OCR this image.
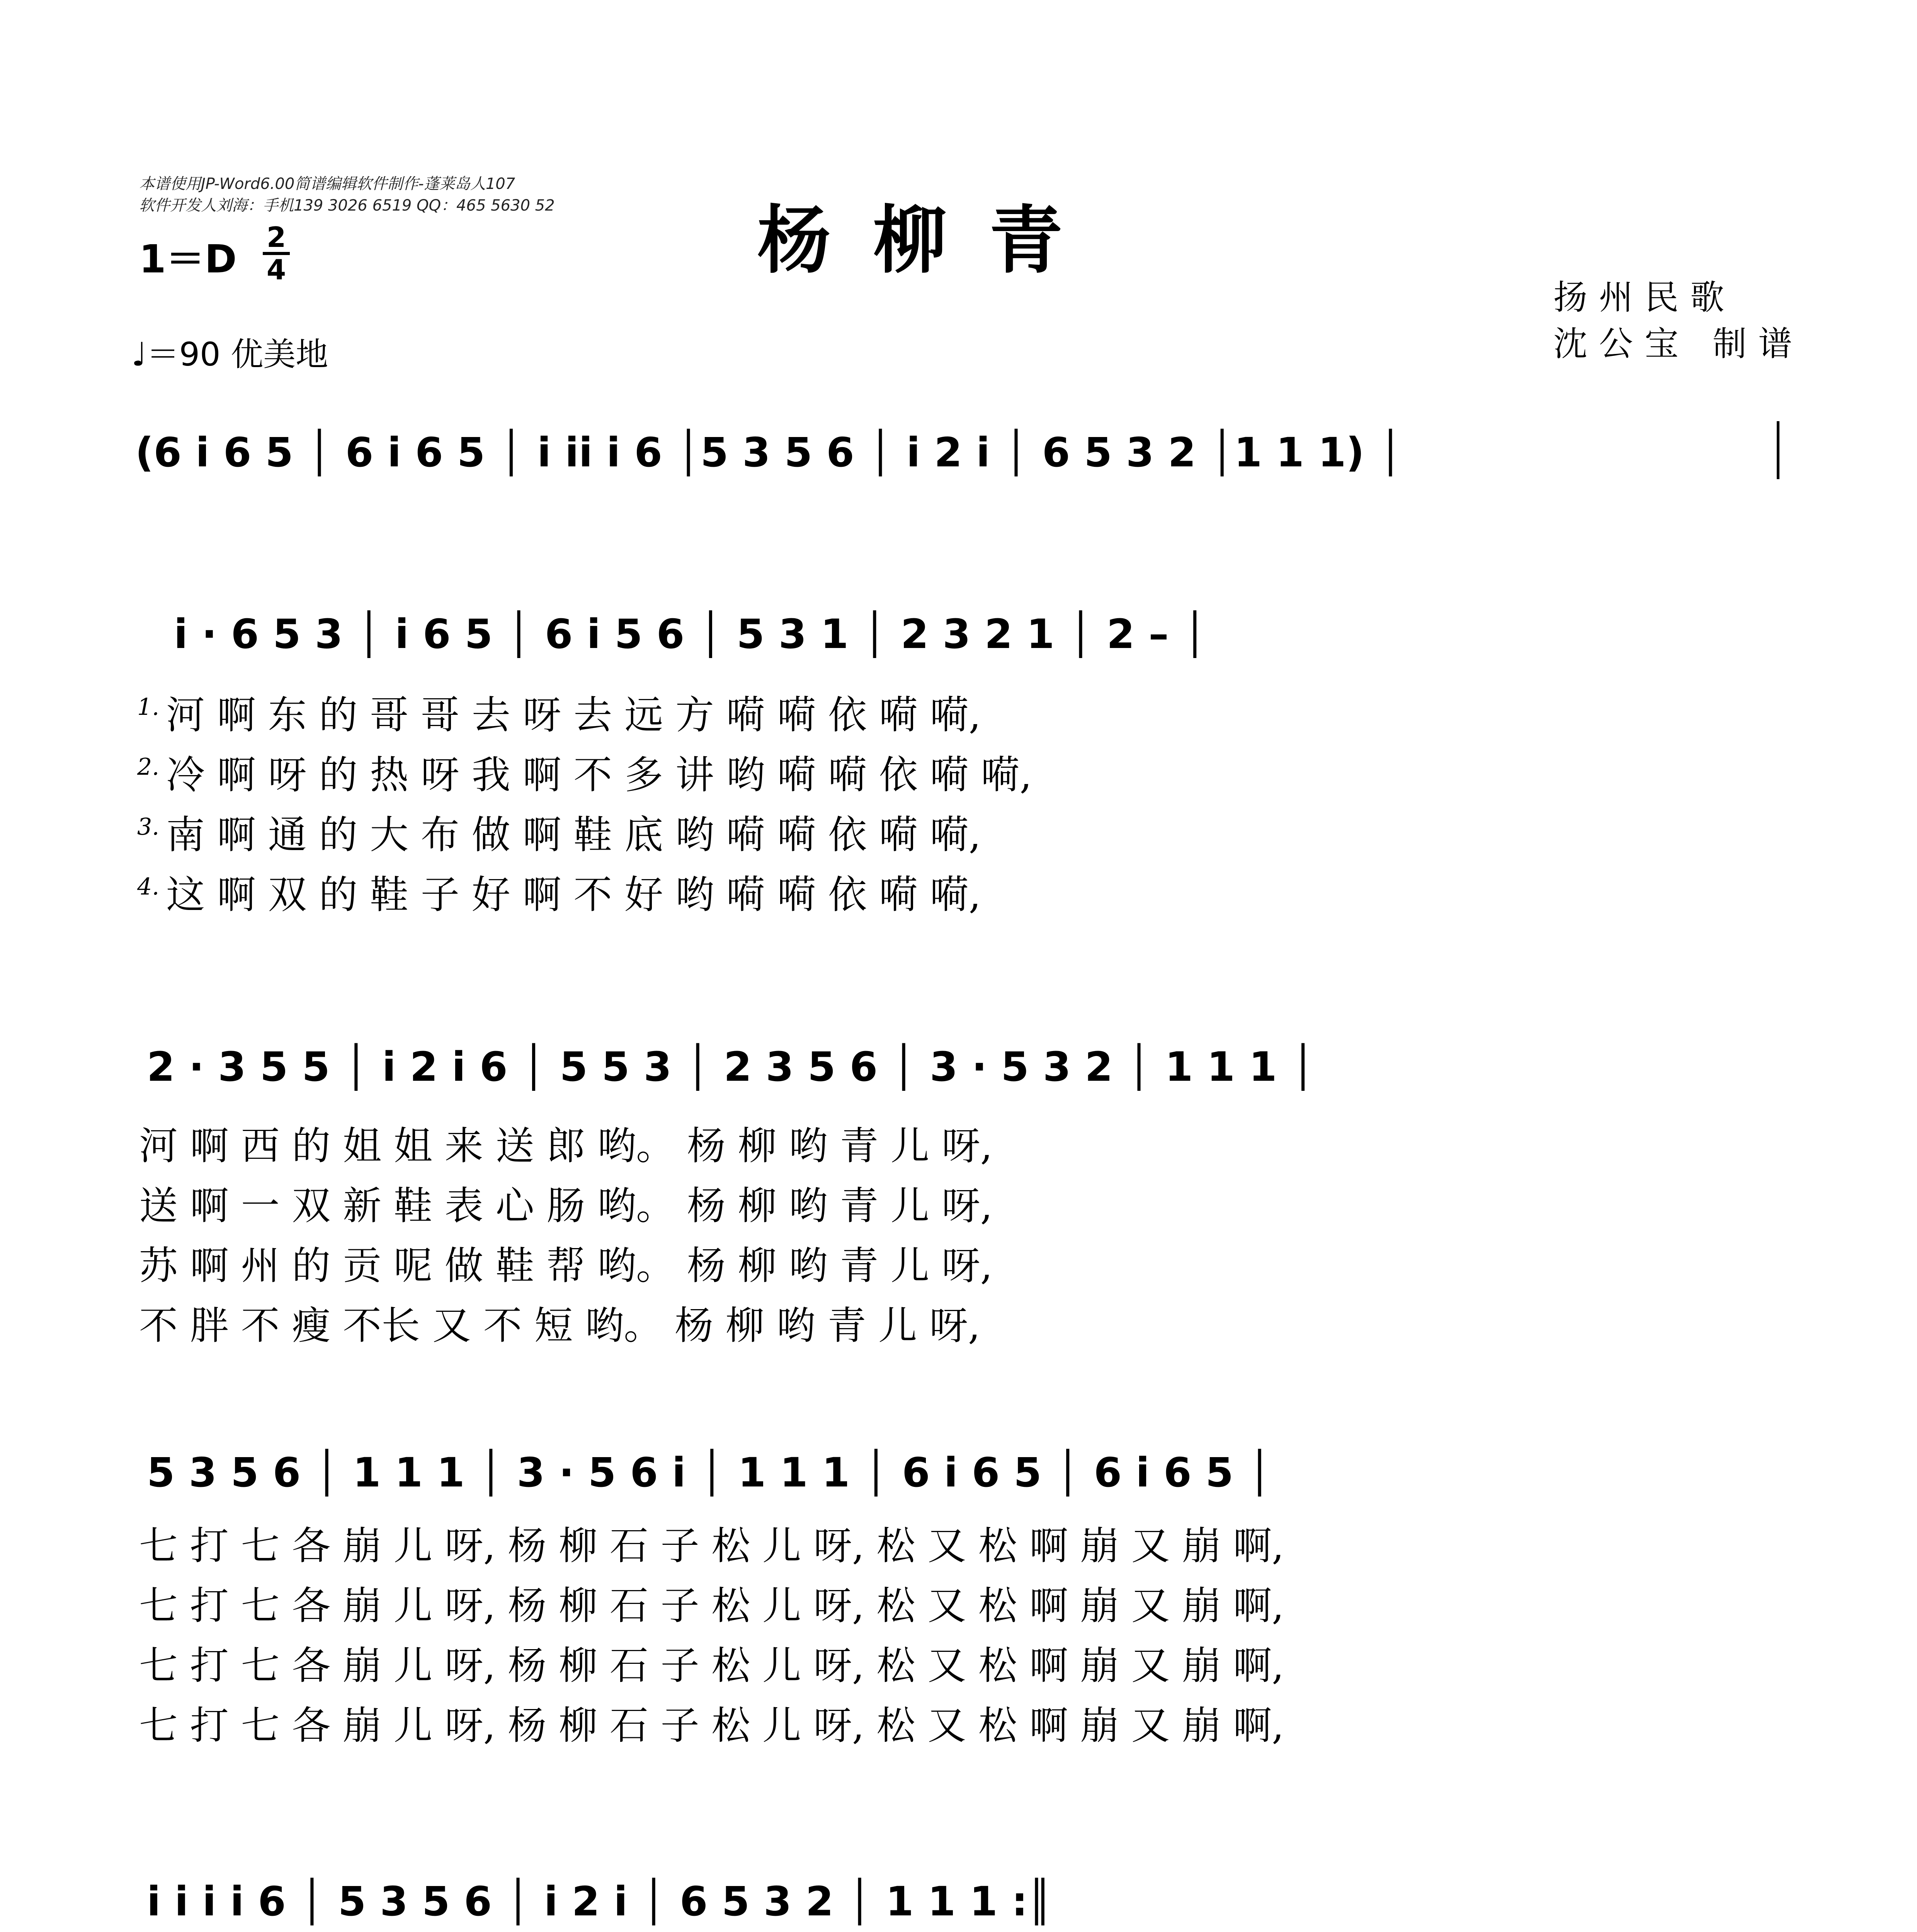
本谱使用JP-Word6.00简谱编辑软件制作-蓬莱岛人107
软件开发人刘海：手机139 3026 6519 QQ：465 5630 52
1＝D 2
4	杨柳青
扬州民歌
沈公宝 制谱
♩＝90 优美地
(6 i 6 5 │ 6 i 6 5 │ i ii i 6 │5 3 5 6 │ i 2 i │ 6 5 3 2 │1 1 1) │
i · 6 5 3 │ i 6 5 │ 6 i 5 6 │ 5 3 1 │ 2 3 2 1 │ 2 – │
1.
2.
3.
4.
河 啊 东 的 哥 哥 去 呀 去 远 方 嗬 嗬 依 嗬 嗬,
冷 啊 呀 的 热 呀 我 啊 不 多 讲 哟 嗬 嗬 依 嗬 嗬,
南 啊 通 的 大 布 做 啊 鞋 底 哟 嗬 嗬 依 嗬 嗬,
这 啊 双 的 鞋 子 好 啊 不 好 哟 嗬 嗬 依 嗬 嗬,
2 · 3 5 5 │ i 2 i 6 │ 5 5 3 │ 2 3 5 6 │ 3 · 5 3 2 │ 1 1 1 │
河 啊 西 的 姐 姐 来 送 郎 哟。 杨 柳 哟 青 儿 呀,
送 啊 一 双 新 鞋 表 心 肠 哟。 杨 柳 哟 青 儿 呀,
苏 啊 州 的 贡 呢 做 鞋 帮 哟。 杨 柳 哟 青 儿 呀,
不 胖 不 瘦 不长 又 不 短 哟。 杨 柳 哟 青 儿 呀,
5 3 5 6 │ 1 1 1 │ 3 · 5 6 i │ 1 1 1 │ 6 i 6 5 │ 6 i 6 5 │
七 打 七 各 崩 儿 呀, 杨 柳 石 子 松 儿 呀, 松 又 松 啊 崩 又 崩 啊,
七 打 七 各 崩 儿 呀, 杨 柳 石 子 松 儿 呀, 松 又 松 啊 崩 又 崩 啊,
七 打 七 各 崩 儿 呀, 杨 柳 石 子 松 儿 呀, 松 又 松 啊 崩 又 崩 啊,
七 打 七 各 崩 儿 呀, 杨 柳 石 子 松 儿 呀, 松 又 松 啊 崩 又 崩 啊,
i i i i 6 │ 5 3 5 6 │ i 2 i │ 6 5 3 2 │ 1 1 1 :║
